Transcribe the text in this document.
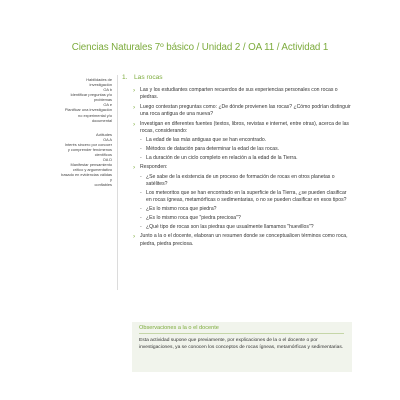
Ciencias Naturales 7º básico / Unidad 2 / OA 11 / Actividad 1
Habilidades de
investigación
OA b
Identificar preguntas y/o
problemas
OA e
Planificar una investigación
no experimental y/o
documental
Actitudes
OA A
Interés sincero por conocer
y comprender fenómenos
científicos
OA D
Manifestar pensamiento
crítico y argumentativo
basado en evidencias válidas y
confiables
1. Las rocas
› Las y los estudiantes comparten recuerdos de sus experiencias personales con rocas o piedras.
› Luego contestan preguntas como: ¿De dónde provienen las rocas? ¿Cómo podrían distinguir una roca antigua de una nueva?
› Investigan en diferentes fuentes (textos, libros, revistas e internet, entre otras), acerca de las rocas, considerando:
- La edad de las más antiguas que se han encontrado.
- Métodos de datación para determinar la edad de las rocas.
- La duración de un ciclo completo en relación a la edad de la Tierra.
› Responden:
- ¿Se sabe de la existencia de un proceso de formación de rocas en otros planetas o satélites?
- Los meteoritos que se han encontrado en la superficie de la Tierra, ¿se pueden clasificar en rocas ígneas, metamórficas o sedimentarias, o no se pueden clasificar en esos tipos?
- ¿Es lo mismo roca que piedra?
- ¿Es lo mismo roca que "piedra preciosa"?
- ¿Qué tipo de rocas son las piedras que usualmente llamamos "huevillos"?
› Junto a la o el docente, elaboran un resumen donde se conceptualicen términos como roca, piedra, piedra preciosa.
Observaciones a la o el docente
Esta actividad supone que previamente, por explicaciones de la o el docente o por investigaciones, ya se conocen los conceptos de rocas ígneas, metamórficas y sedimentarias.
